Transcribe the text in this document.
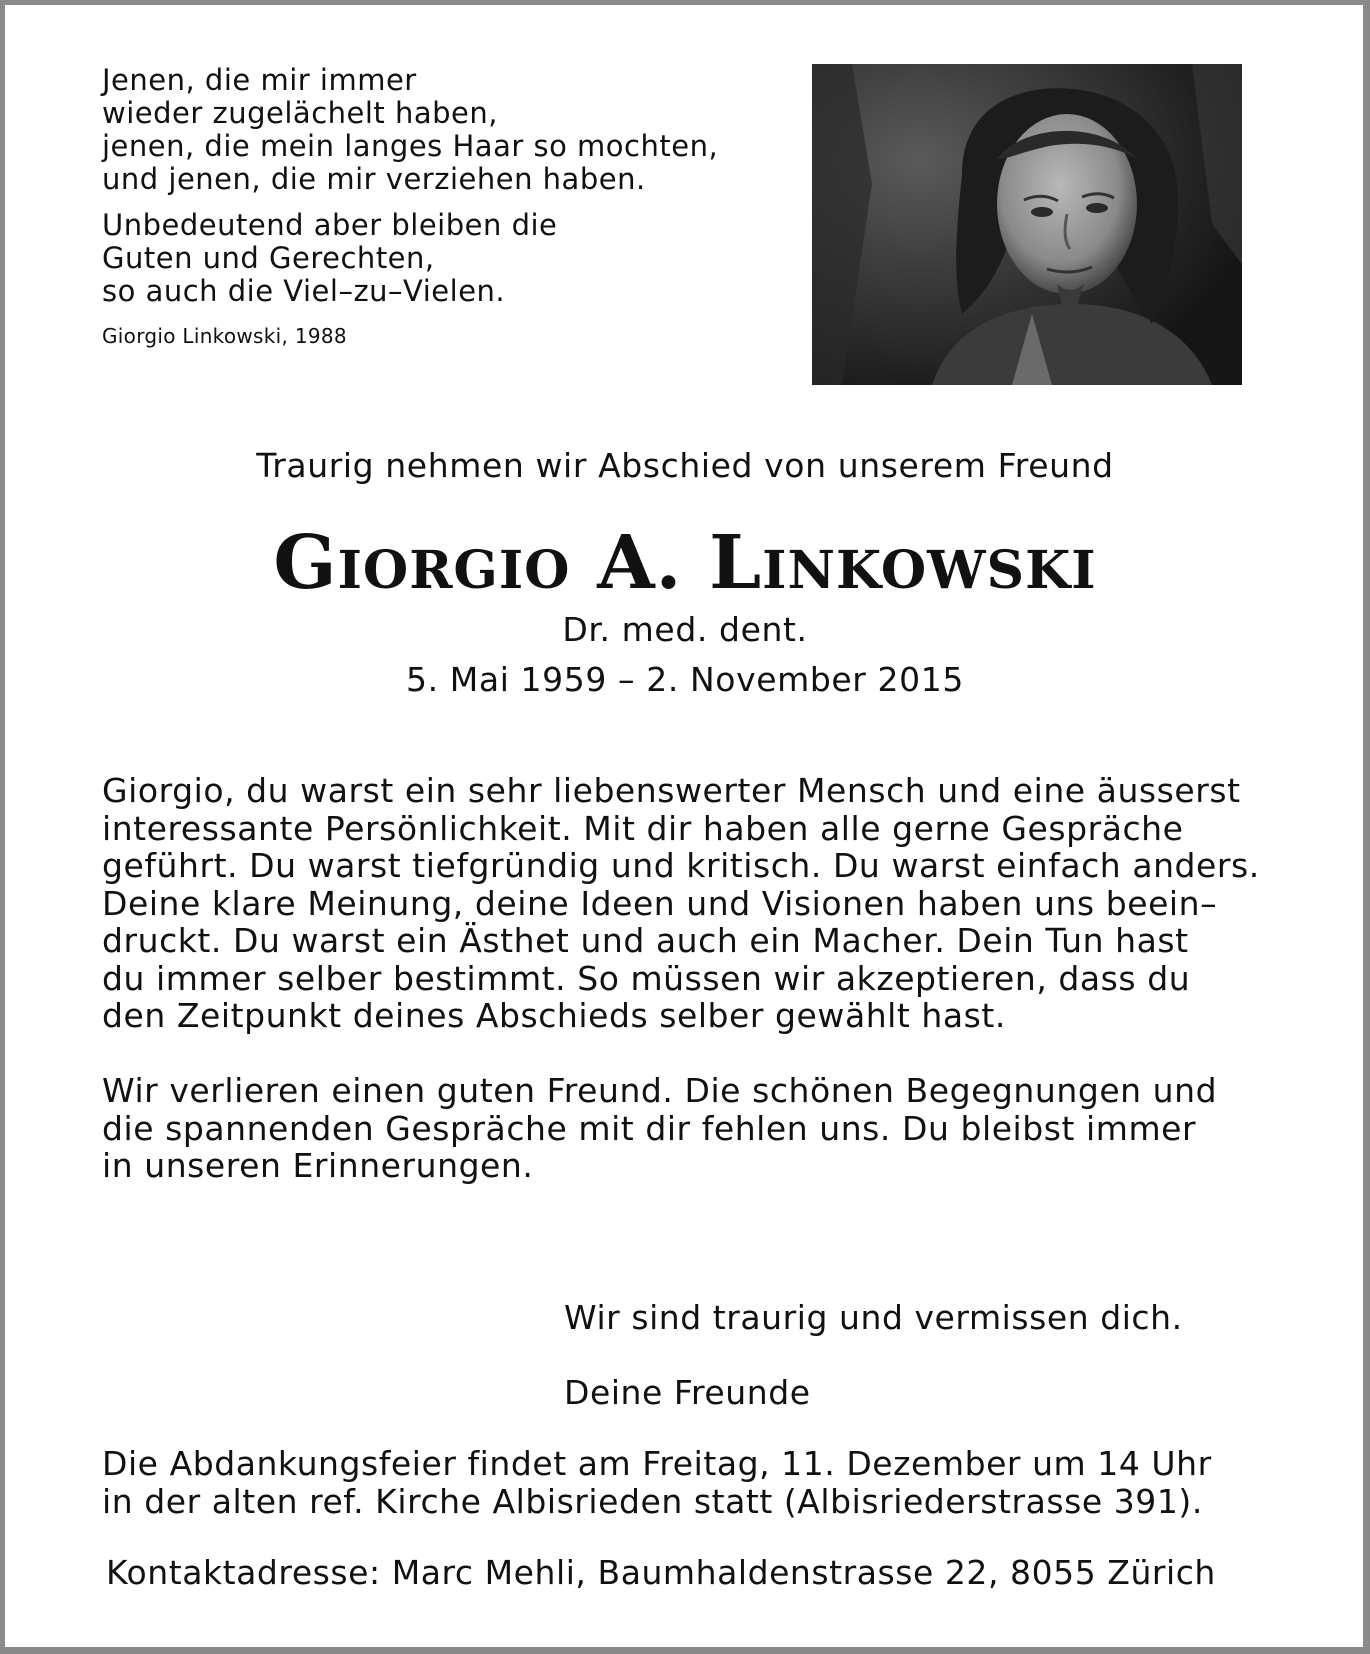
Jenen, die mir immer
wieder zugelächelt haben,
jenen, die mein langes Haar so mochten,
und jenen, die mir verziehen haben.
Unbedeutend aber bleiben die
Guten und Gerechten,
so auch die Viel–zu–Vielen.
Giorgio Linkowski, 1988
Traurig nehmen wir Abschied von unserem Freund
Giorgio A. Linkowski
Dr. med. dent.
5. Mai 1959 – 2. November 2015
Giorgio, du warst ein sehr liebenswerter Mensch und eine äusserst
interessante Persönlichkeit. Mit dir haben alle gerne Gespräche
geführt. Du warst tiefgründig und kritisch. Du warst einfach anders.
Deine klare Meinung, deine Ideen und Visionen haben uns beein–
druckt. Du warst ein Ästhet und auch ein Macher. Dein Tun hast
du immer selber bestimmt. So müssen wir akzeptieren, dass du
den Zeitpunkt deines Abschieds selber gewählt hast.
Wir verlieren einen guten Freund. Die schönen Begegnungen und
die spannenden Gespräche mit dir fehlen uns. Du bleibst immer
in unseren Erinnerungen.

Wir sind traurig und vermissen dich.

Deine Freunde

Die Abdankungsfeier findet am Freitag, 11. Dezember um 14 Uhr
in der alten ref. Kirche Albisrieden statt (Albisriederstrasse 391).
Kontaktadresse: Marc Mehli, Baumhaldenstrasse 22, 8055 Zürich
